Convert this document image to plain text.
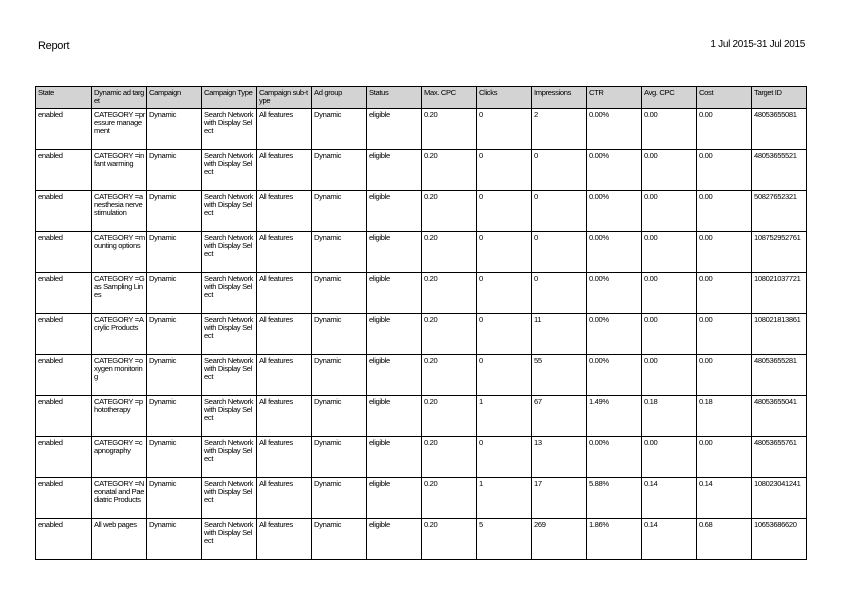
Report	1 Jul 2015-31 Jul 2015
State	Dynamic ad target	Campaign	Campaign Type	Campaign sub-type	Ad group	Status	Max. CPC	Clicks	Impressions	CTR	Avg. CPC	Cost	Target ID
enabled	CATEGORY =pressure management	Dynamic	Search Network with Display Select	All features	Dynamic	eligible	0.20	0	2	0.00%	0.00	0.00	48053655081
enabled	CATEGORY =infant warming	Dynamic	Search Network with Display Select	All features	Dynamic	eligible	0.20	0	0	0.00%	0.00	0.00	48053655521
enabled	CATEGORY =anesthesia nerve stimulation	Dynamic	Search Network with Display Select	All features	Dynamic	eligible	0.20	0	0	0.00%	0.00	0.00	50827652321
enabled	CATEGORY =mounting options	Dynamic	Search Network with Display Select	All features	Dynamic	eligible	0.20	0	0	0.00%	0.00	0.00	108752952761
enabled	CATEGORY =Gas Sampling Lines	Dynamic	Search Network with Display Select	All features	Dynamic	eligible	0.20	0	0	0.00%	0.00	0.00	108021037721
enabled	CATEGORY =Acrylic Products	Dynamic	Search Network with Display Select	All features	Dynamic	eligible	0.20	0	11	0.00%	0.00	0.00	108021813861
enabled	CATEGORY =oxygen monitoring	Dynamic	Search Network with Display Select	All features	Dynamic	eligible	0.20	0	55	0.00%	0.00	0.00	48053655281
enabled	CATEGORY =phototherapy	Dynamic	Search Network with Display Select	All features	Dynamic	eligible	0.20	1	67	1.49%	0.18	0.18	48053655041
enabled	CATEGORY =capnography	Dynamic	Search Network with Display Select	All features	Dynamic	eligible	0.20	0	13	0.00%	0.00	0.00	48053655761
enabled	CATEGORY =Neonatal and Paediatric Products	Dynamic	Search Network with Display Select	All features	Dynamic	eligible	0.20	1	17	5.88%	0.14	0.14	108023041241
enabled	All web pages	Dynamic	Search Network with Display Select	All features	Dynamic	eligible	0.20	5	269	1.86%	0.14	0.68	10653686620
